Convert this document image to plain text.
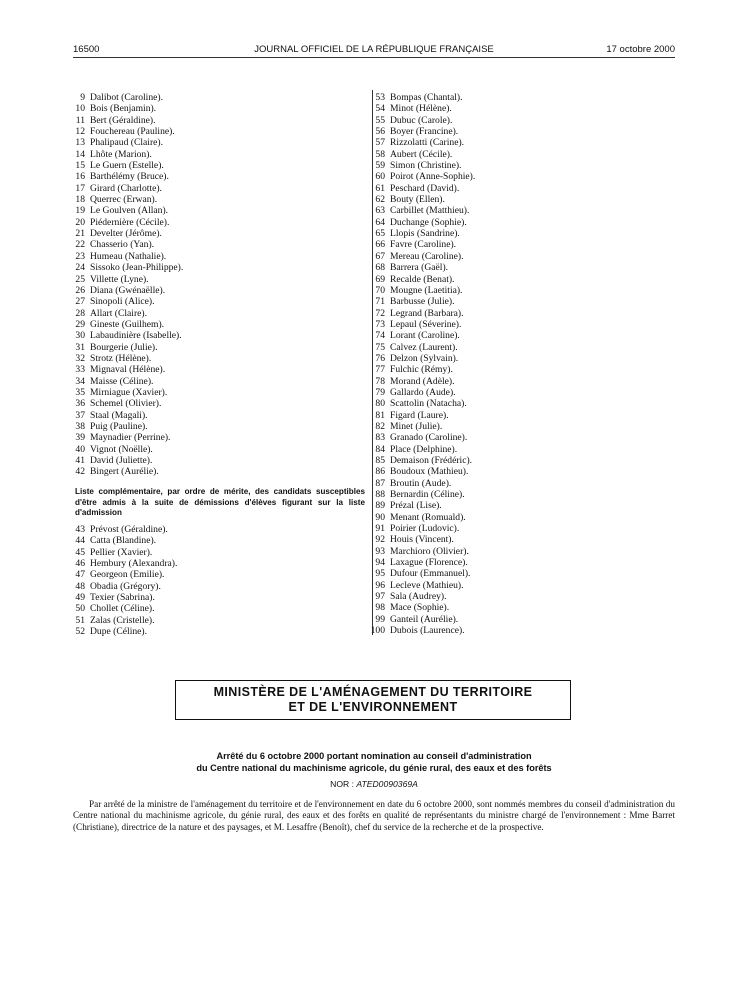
16500	JOURNAL OFFICIEL DE LA RÉPUBLIQUE FRANÇAISE	17 octobre 2000
9 Dalibot (Caroline).
10 Bois (Benjamin).
11 Bert (Géraldine).
12 Fouchereau (Pauline).
13 Phalipaud (Claire).
14 Lhôte (Marion).
15 Le Guern (Estelle).
16 Barthélémy (Bruce).
17 Girard (Charlotte).
18 Querrec (Erwan).
19 Le Goulven (Allan).
20 Piédernière (Cécile).
21 Develter (Jérôme).
22 Chasserio (Yan).
23 Humeau (Nathalie).
24 Sissoko (Jean-Philippe).
25 Villette (Lyne).
26 Diana (Gwénaëlle).
27 Sinopoli (Alice).
28 Allart (Claire).
29 Gineste (Guilhem).
30 Labaudinière (Isabelle).
31 Bourgerie (Julie).
32 Strotz (Hélène).
33 Mignaval (Hélène).
34 Maisse (Céline).
35 Mirniague (Xavier).
36 Schemel (Olivier).
37 Staal (Magali).
38 Puig (Pauline).
39 Maynadier (Perrine).
40 Vignot (Noëlle).
41 David (Juliette).
42 Bingert (Aurélie).
Liste complémentaire, par ordre de mérite, des candidats susceptibles d'être admis à la suite de démissions d'élèves figurant sur la liste d'admission
43 Prévost (Géraldine).
44 Catta (Blandine).
45 Pellier (Xavier).
46 Hembury (Alexandra).
47 Georgeon (Emilie).
48 Obadia (Grégory).
49 Texier (Sabrina).
50 Chollet (Céline).
51 Zalas (Cristelle).
52 Dupe (Céline).
53 Bompas (Chantal).
54 Minot (Hélène).
55 Dubuc (Carole).
56 Boyer (Francine).
57 Rizzolatti (Carine).
58 Aubert (Cécile).
59 Simon (Christine).
60 Poirot (Anne-Sophie).
61 Peschard (David).
62 Bouty (Ellen).
63 Carbillet (Matthieu).
64 Duchange (Sophie).
65 Llopis (Sandrine).
66 Favre (Caroline).
67 Mereau (Caroline).
68 Barrera (Gaël).
69 Recalde (Benat).
70 Mougne (Laetitia).
71 Barbusse (Julie).
72 Legrand (Barbara).
73 Lepaul (Séverine).
74 Lorant (Caroline).
75 Calvez (Laurent).
76 Delzon (Sylvain).
77 Fulchic (Rémy).
78 Morand (Adèle).
79 Gallardo (Aude).
80 Scattolin (Natacha).
81 Figard (Laure).
82 Minet (Julie).
83 Granado (Caroline).
84 Place (Delphine).
85 Demaison (Frédéric).
86 Boudoux (Mathieu).
87 Broutin (Aude).
88 Bernardin (Céline).
89 Prézal (Lise).
90 Menant (Romuald).
91 Poirier (Ludovic).
92 Houis (Vincent).
93 Marchioro (Olivier).
94 Laxague (Florence).
95 Dufour (Emmanuel).
96 Lecleve (Mathieu).
97 Sala (Audrey).
98 Mace (Sophie).
99 Ganteil (Aurélie).
100 Dubois (Laurence).
MINISTÈRE DE L'AMÉNAGEMENT DU TERRITOIRE
ET DE L'ENVIRONNEMENT
Arrêté du 6 octobre 2000 portant nomination au conseil d'administration
du Centre national du machinisme agricole, du génie rural, des eaux et des forêts
NOR : ATED0090369A
Par arrêté de la ministre de l'aménagement du territoire et de l'environnement en date du 6 octobre 2000, sont nommés membres du conseil d'administration du Centre national du machinisme agricole, du génie rural, des eaux et des forêts en qualité de représentants du ministre chargé de l'environnement : Mme Barret (Christiane), directrice de la nature et des paysages, et M. Lesaffre (Benoît), chef du service de la recherche et de la prospective.
